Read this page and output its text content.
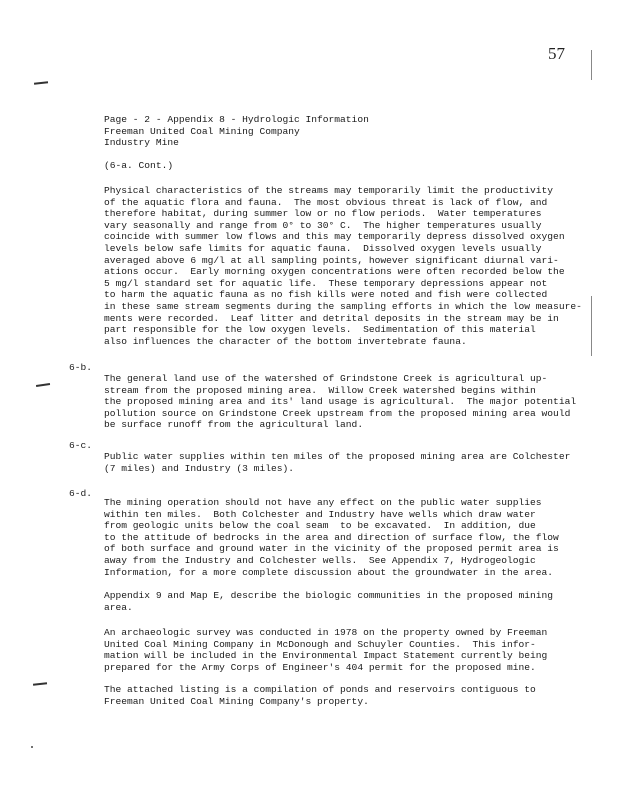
57
Page - 2 - Appendix 8 - Hydrologic Information
Freeman United Coal Mining Company
Industry Mine
(6-a. Cont.)
Physical characteristics of the streams may temporarily limit the productivity
of the aquatic flora and fauna.  The most obvious threat is lack of flow, and
therefore habitat, during summer low or no flow periods.  Water temperatures
vary seasonally and range from 0° to 30° C.  The higher temperatures usually
coincide with summer low flows and this may temporarily depress dissolved oxygen
levels below safe limits for aquatic fauna.  Dissolved oxygen levels usually
averaged above 6 mg/l at all sampling points, however significant diurnal vari-
ations occur.  Early morning oxygen concentrations were often recorded below the
5 mg/l standard set for aquatic life.  These temporary depressions appear not
to harm the aquatic fauna as no fish kills were noted and fish were collected
in these same stream segments during the sampling efforts in which the low measure-
ments were recorded.  Leaf litter and detrital deposits in the stream may be in
part responsible for the low oxygen levels.  Sedimentation of this material
also influences the character of the bottom invertebrate fauna.
6-b.
The general land use of the watershed of Grindstone Creek is agricultural up-
stream from the proposed mining area.  Willow Creek watershed begins within
the proposed mining area and its' land usage is agricultural.  The major potential
pollution source on Grindstone Creek upstream from the proposed mining area would
be surface runoff from the agricultural land.
6-c.
Public water supplies within ten miles of the proposed mining area are Colchester
(7 miles) and Industry (3 miles).
6-d.
The mining operation should not have any effect on the public water supplies
within ten miles.  Both Colchester and Industry have wells which draw water
from geologic units below the coal seam  to be excavated.  In addition, due
to the attitude of bedrocks in the area and direction of surface flow, the flow
of both surface and ground water in the vicinity of the proposed permit area is
away from the Industry and Colchester wells.  See Appendix 7, Hydrogeologic
Information, for a more complete discussion about the groundwater in the area.
Appendix 9 and Map E, describe the biologic communities in the proposed mining
area.
An archaeologic survey was conducted in 1978 on the property owned by Freeman
United Coal Mining Company in McDonough and Schuyler Counties.  This infor-
mation will be included in the Environmental Impact Statement currently being
prepared for the Army Corps of Engineer's 404 permit for the proposed mine.
The attached listing is a compilation of ponds and reservoirs contiguous to
Freeman United Coal Mining Company's property.
